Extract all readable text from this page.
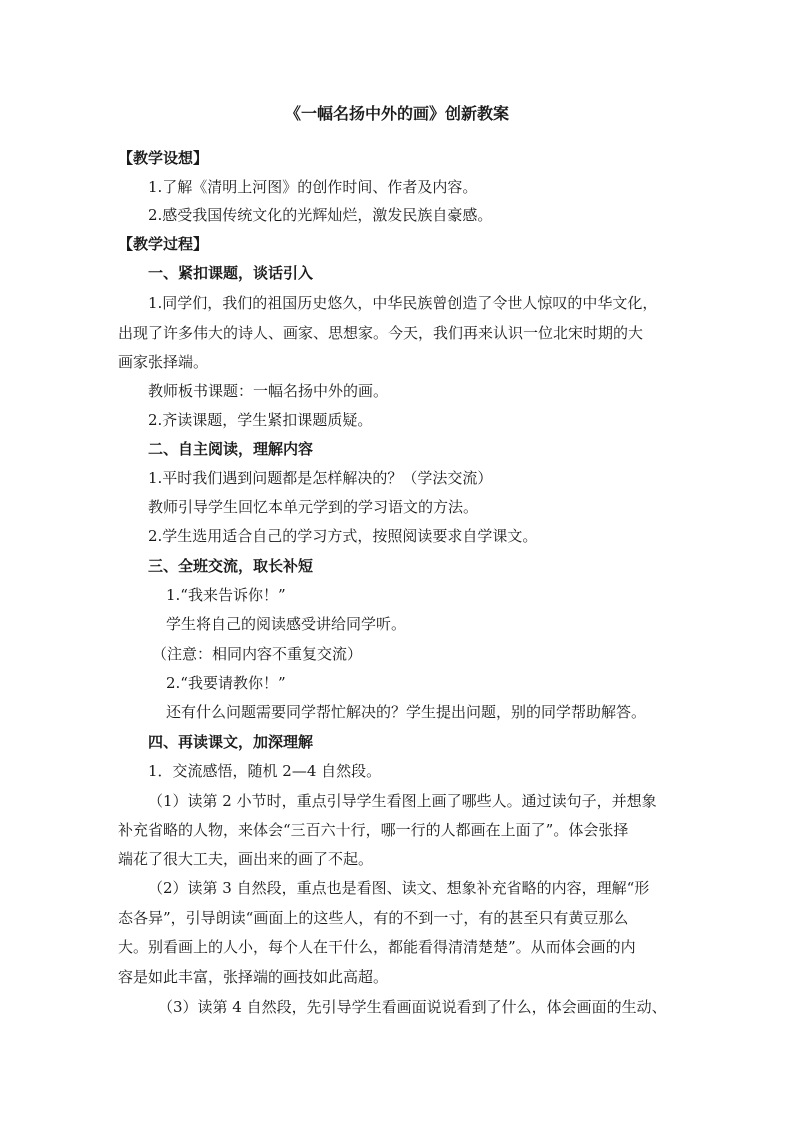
《一幅名扬中外的画》创新教案
【教学设想】
1.了解《清明上河图》的创作时间、作者及内容。
2.感受我国传统文化的光辉灿烂，激发民族自豪感。
【教学过程】
一、紧扣课题，谈话引入
1.同学们，我们的祖国历史悠久，中华民族曾创造了令世人惊叹的中华文化，
出现了许多伟大的诗人、画家、思想家。今天，我们再来认识一位北宋时期的大
画家张择端。
教师板书课题：一幅名扬中外的画。
2.齐读课题，学生紧扣课题质疑。
二、自主阅读，理解内容
1.平时我们遇到问题都是怎样解决的？（学法交流）
教师引导学生回忆本单元学到的学习语文的方法。
2.学生选用适合自己的学习方式，按照阅读要求自学课文。
三、全班交流，取长补短
1.“我来告诉你！”
学生将自己的阅读感受讲给同学听。
（注意：相同内容不重复交流）
2.“我要请教你！”
还有什么问题需要同学帮忙解决的？学生提出问题，别的同学帮助解答。
四、再读课文，加深理解
1．交流感悟，随机 2—4 自然段。
（1）读第 2 小节时，重点引导学生看图上画了哪些人。通过读句子，并想象
补充省略的人物，来体会“三百六十行，哪一行的人都画在上面了”。体会张择
端花了很大工夫，画出来的画了不起。
（2）读第 3 自然段，重点也是看图、读文、想象补充省略的内容，理解“形
态各异”，引导朗读“画面上的这些人，有的不到一寸，有的甚至只有黄豆那么
大。别看画上的人小，每个人在干什么，都能看得清清楚楚”。从而体会画的内
容是如此丰富，张择端的画技如此高超。
（3）读第 4 自然段，先引导学生看画面说说看到了什么，体会画面的生动、
